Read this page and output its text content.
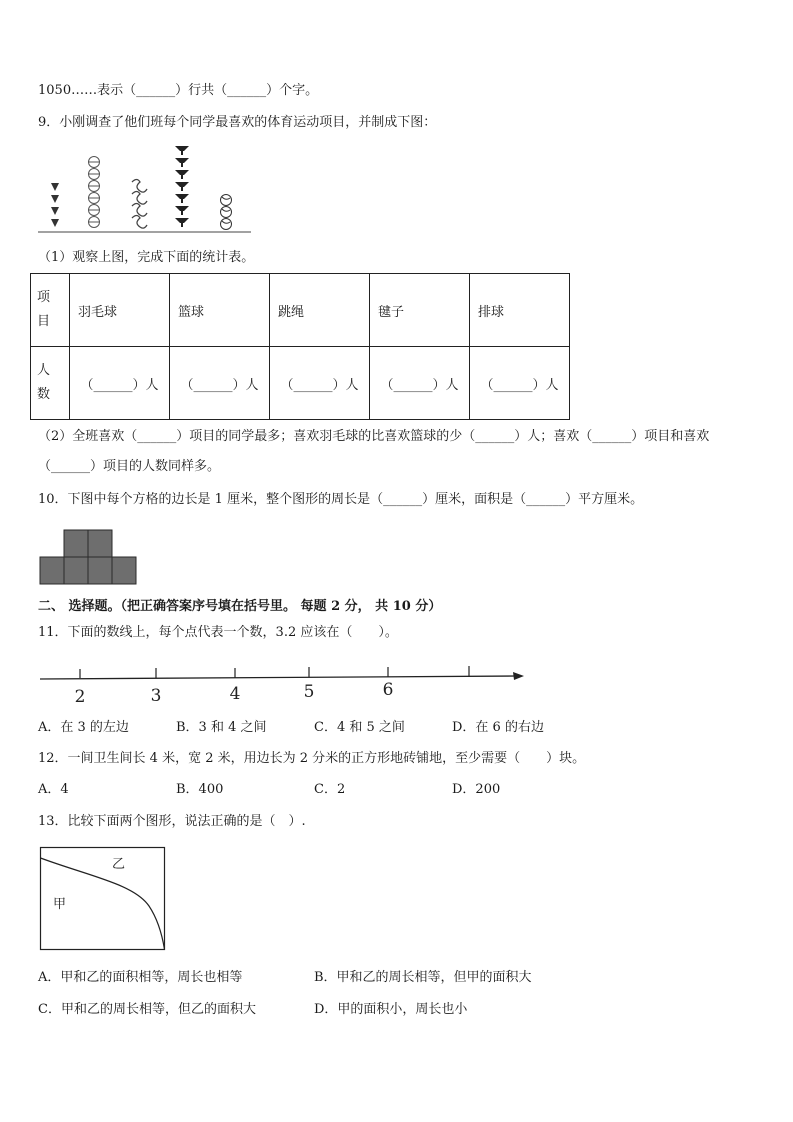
1050……表示（______）行共（______）个字。
9．小刚调查了他们班每个同学最喜欢的体育运动项目，并制成下图：
（1）观察上图，完成下面的统计表。
项
目	羽毛球	篮球	跳绳	毽子	排球
人
数	（______）人	（______）人	（______）人	（______）人	（______）人
（2）全班喜欢（______）项目的同学最多；喜欢羽毛球的比喜欢篮球的少（______）人；喜欢（______）项目和喜欢
（______）项目的人数同样多。
10．下图中每个方格的边长是 1 厘米，整个图形的周长是（______）厘米，面积是（______）平方厘米。
二、 选择题。（把正确答案序号填在括号里。 每题 2 分， 共 10 分）
11．下面的数线上，每个点代表一个数，3.2 应该在（　　）。
2	3	4	5	6
A．在 3 的左边	B．3 和 4 之间	C．4 和 5 之间	D．在 6 的右边
12．一间卫生间长 4 米，宽 2 米，用边长为 2 分米的正方形地砖铺地，至少需要（　　）块。
A．4	B．400	C．2	D．200
13．比较下面两个图形，说法正确的是（　）.
甲
乙
A．甲和乙的面积相等，周长也相等	B．甲和乙的周长相等，但甲的面积大
C．甲和乙的周长相等，但乙的面积大	D．甲的面积小，周长也小
